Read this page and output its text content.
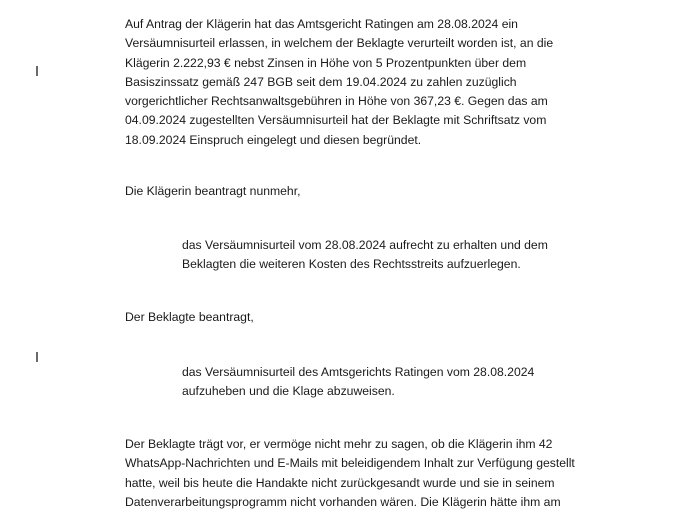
Auf Antrag der Klägerin hat das Amtsgericht Ratingen am 28.08.2024 ein
Versäumnisurteil erlassen, in welchem der Beklagte verurteilt worden ist, an die
Klägerin 2.222,93 € nebst Zinsen in Höhe von 5 Prozentpunkten über dem
Basiszinssatz gemäß 247 BGB seit dem 19.04.2024 zu zahlen zuzüglich
vorgerichtlicher Rechtsanwaltsgebühren in Höhe von 367,23 €. Gegen das am
04.09.2024 zugestellten Versäumnisurteil hat der Beklagte mit Schriftsatz vom
18.09.2024 Einspruch eingelegt und diesen begründet.

Die Klägerin beantragt nunmehr,

das Versäumnisurteil vom 28.08.2024 aufrecht zu erhalten und dem
Beklagten die weiteren Kosten des Rechtsstreits aufzuerlegen.

Der Beklagte beantragt,

das Versäumnisurteil des Amtsgerichts Ratingen vom 28.08.2024
aufzuheben und die Klage abzuweisen.

Der Beklagte trägt vor, er vermöge nicht mehr zu sagen, ob die Klägerin ihm 42
WhatsApp-Nachrichten und E-Mails mit beleidigendem Inhalt zur Verfügung gestellt
hatte, weil bis heute die Handakte nicht zurückgesandt wurde und sie in seinem
Datenverarbeitungsprogramm nicht vorhanden wären. Die Klägerin hätte ihm am
